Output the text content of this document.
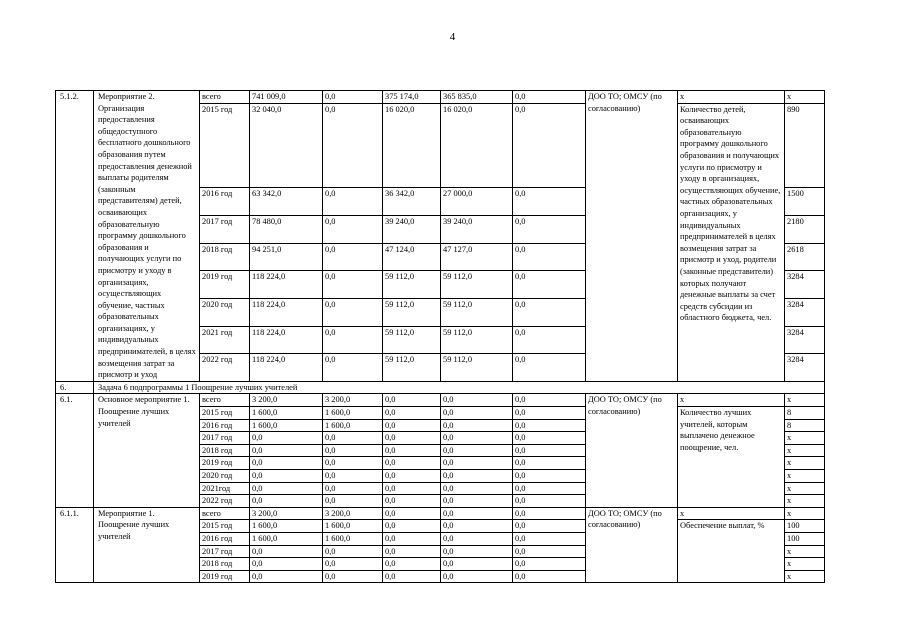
4
5.1.2.	Мероприятие 2. Организация предоставления общедоступного бесплатного дошкольного образования путем предоставления денежной выплаты родителям (законным представителям) детей, осваивающих образовательную программу дошкольного образования и получающих услуги по присмотру и уходу в организациях, осуществляющих обучение, частных образовательных организациях, у индивидуальных предпринимателей, в целях возмещения затрат за присмотр и уход	всего	741 009,0	0,0	375 174,0	365 835,0	0,0	ДОО ТО; ОМСУ (по согласованию)	х	х
		2015 год	32 040,0	0,0	16 020,0	16 020,0	0,0		Количество детей, осваивающих образовательную программу дошкольного образования и получающих услуги по присмотру и уходу в организациях, осуществляющих обучение, частных образовательных организациях, у индивидуальных предпринимателей в целях возмещения затрат за присмотр и уход, родители (законные представители) которых получают денежные выплаты за счет средств субсидии из областного бюджета, чел.	890
		2016 год	63 342,0	0,0	36 342,0	27 000,0	0,0			1500
		2017 год	78 480,0	0,0	39 240,0	39 240,0	0,0			2180
		2018 год	94 251,0	0,0	47 124,0	47 127,0	0,0			2618
		2019 год	118 224,0	0,0	59 112,0	59 112,0	0,0			3284
		2020 год	118 224,0	0,0	59 112,0	59 112,0	0,0			3284
		2021 год	118 224,0	0,0	59 112,0	59 112,0	0,0			3284
		2022 год	118 224,0	0,0	59 112,0	59 112,0	0,0			3284
6.	Задача 6 подпрограммы 1 Поощрение лучших учителей									
6.1.	Основное мероприятие 1. Поощрение лучших учителей	всего	3 200,0	3 200,0	0,0	0,0	0,0	ДОО ТО; ОМСУ (по согласованию)	х	х
		2015 год	1 600,0	1 600,0	0,0	0,0	0,0		Количество лучших учителей, которым выплачено денежное поощрение, чел.	8
		2016 год	1 600,0	1 600,0	0,0	0,0	0,0			8
		2017 год	0,0	0,0	0,0	0,0	0,0			х
		2018 год	0,0	0,0	0,0	0,0	0,0			х
		2019 год	0,0	0,0	0,0	0,0	0,0			х
		2020 год	0,0	0,0	0,0	0,0	0,0			х
		2021год	0,0	0,0	0,0	0,0	0,0			х
		2022 год	0,0	0,0	0,0	0,0	0,0			х
6.1.1.	Мероприятие 1. Поощрение лучших учителей	всего	3 200,0	3 200,0	0,0	0,0	0,0	ДОО ТО; ОМСУ (по согласованию)	х	х
		2015 год	1 600,0	1 600,0	0,0	0,0	0,0		Обеспечение выплат, %	100
		2016 год	1 600,0	1 600,0	0,0	0,0	0,0			100
		2017 год	0,0	0,0	0,0	0,0	0,0			х
		2018 год	0,0	0,0	0,0	0,0	0,0			х
		2019 год	0,0	0,0	0,0	0,0	0,0			х
